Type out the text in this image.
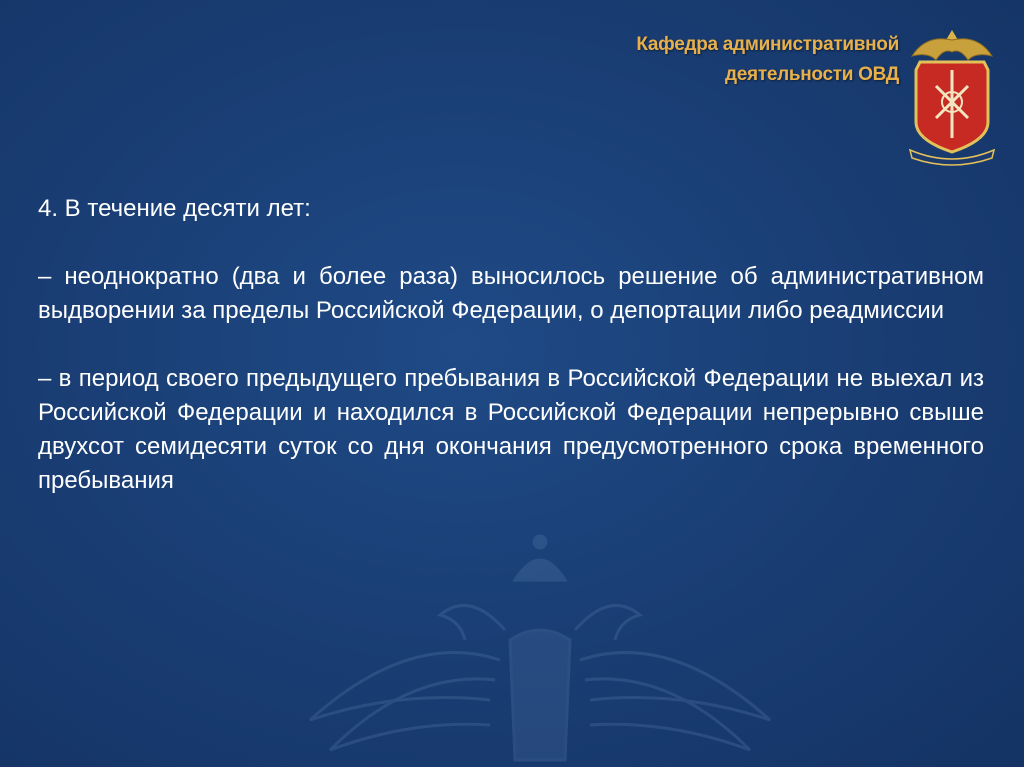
Кафедра административной
деятельности ОВД

4. В течение десяти лет:

– неоднократно (два и более раза) выносилось решение об административном выдворении за пределы Российской Федерации, о депортации либо реадмиссии

– в период своего предыдущего пребывания в Российской Федерации не выехал из Российской Федерации и находился в Российской Федерации непрерывно свыше двухсот семидесяти суток со дня окончания предусмотренного срока временного пребывания
